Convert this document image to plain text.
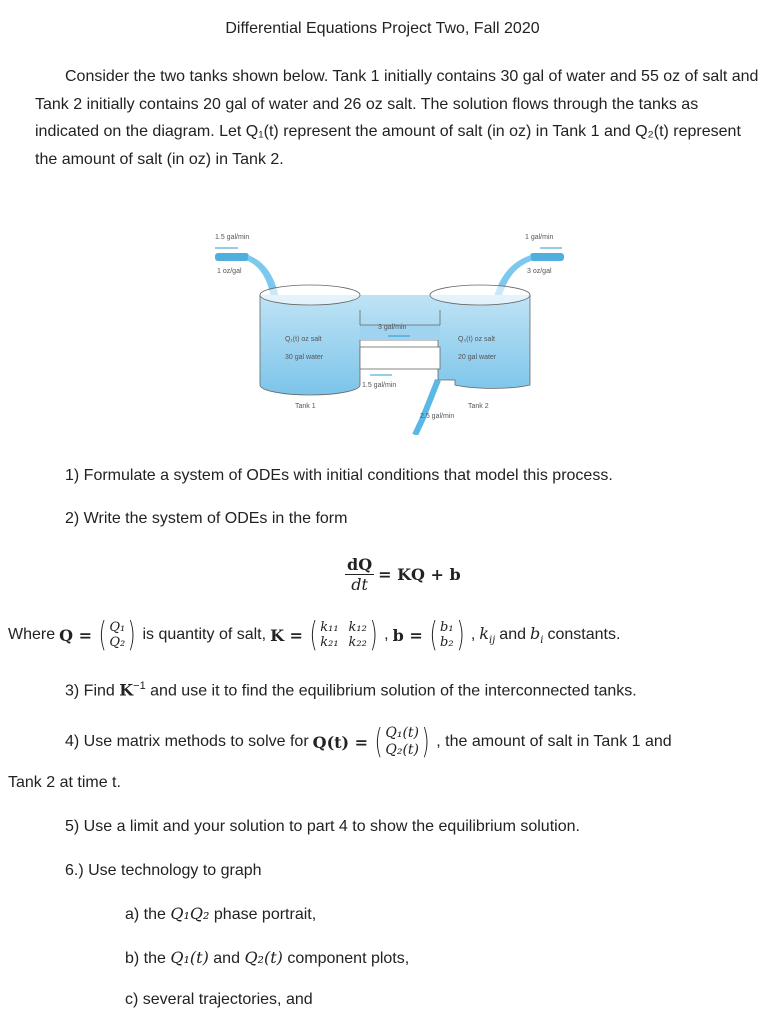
Differential Equations Project Two, Fall 2020
Consider the two tanks shown below. Tank 1 initially contains 30 gal of water and 55 oz of salt and Tank 2 initially contains 20 gal of water and 26 oz salt. The solution flows through the tanks as indicated on the diagram. Let Q₁(t) represent the amount of salt (in oz) in Tank 1 and Q₂(t) represent the amount of salt (in oz) in Tank 2.
1.5 gal/min
1 oz/gal
1 gal/min
3 oz/gal
Q₁(t) oz salt
30 gal water
Tank 1
Q₂(t) oz salt
20 gal water
Tank 2
3 gal/min
1.5 gal/min
2.5 gal/min
1) Formulate a system of ODEs with initial conditions that model this process.
2) Write the system of ODEs in the form
$\frac{dQ}{dt}$ = KQ + b
Where Q = ( Q₁
Q₂ ) is quantity of salt, K = ( k₁₁ k₁₂
k₂₁ k₂₂ ) , b = ( b₁
b₂ ) , $k_{ij}$ and $b_i$ constants.
3) Find $K^{-1}$ and use it to find the equilibrium solution of the interconnected tanks.
4) Use matrix methods to solve for Q(t) = ( Q₁(t)
Q₂(t) ) , the amount of salt in Tank 1 and
Tank 2 at time t.
5) Use a limit and your solution to part 4 to show the equilibrium solution.
6.) Use technology to graph
a) the Q₁Q₂ phase portrait,
b) the Q₁(t) and Q₂(t) component plots,
c) several trajectories, and
